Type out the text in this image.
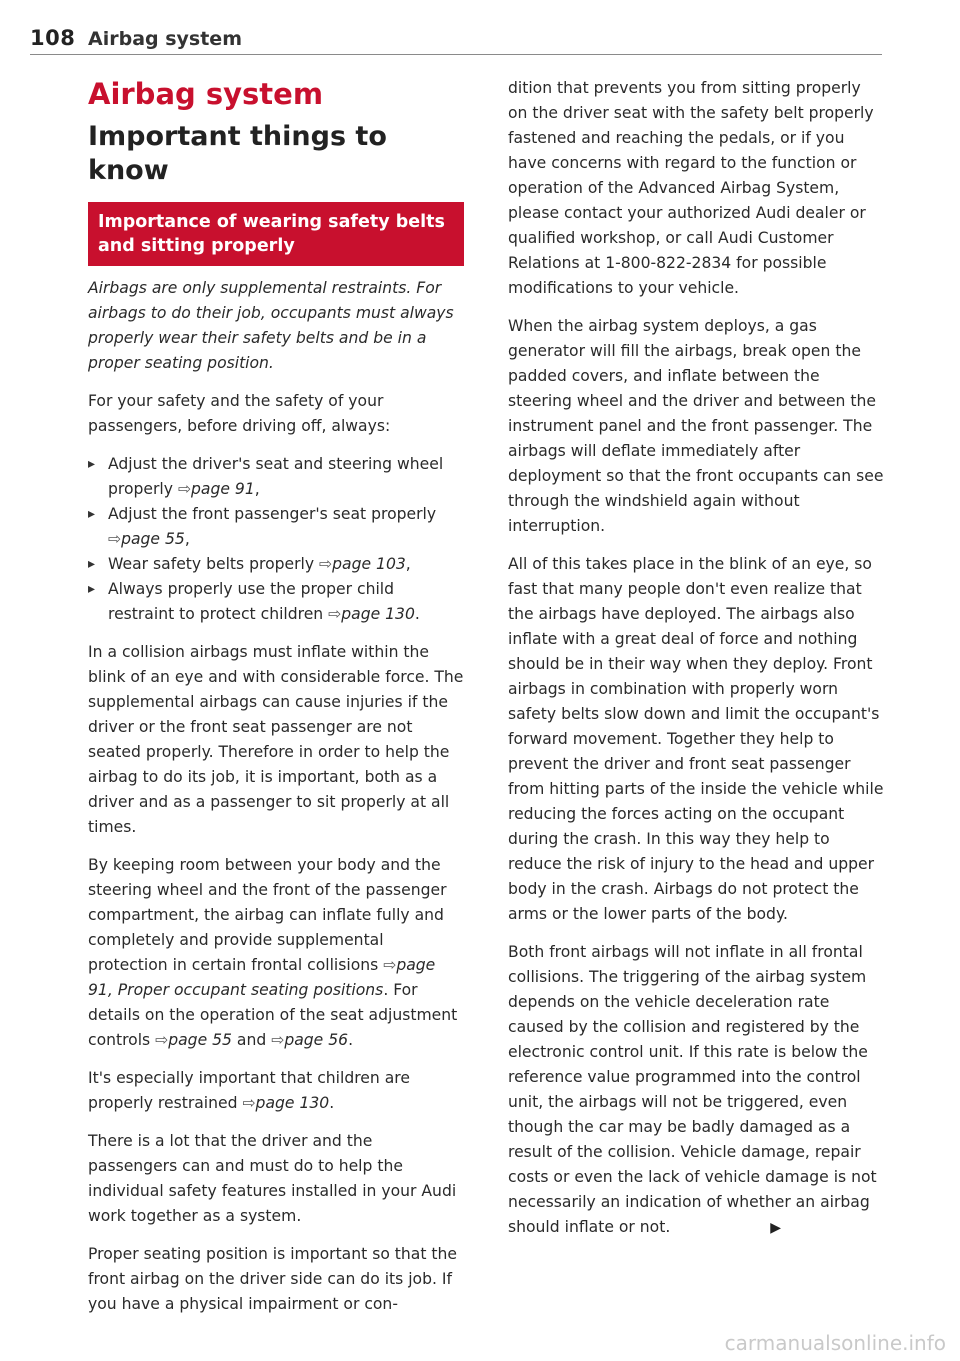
108 Airbag system
Airbag system
Important things to know
Importance of wearing safety belts and sitting properly

Airbags are only supplemental restraints. For airbags to do their job, occupants must always properly wear their safety belts and be in a proper seating position.

For your safety and the safety of your passengers, before driving off, always:

▸ Adjust the driver's seat and steering wheel properly ⇨page 91,
▸ Adjust the front passenger's seat properly ⇨page 55,
▸ Wear safety belts properly ⇨page 103,
▸ Always properly use the proper child restraint to protect children ⇨page 130.

In a collision airbags must inflate within the blink of an eye and with considerable force. The supplemental airbags can cause injuries if the driver or the front seat passenger are not seated properly. Therefore in order to help the airbag to do its job, it is important, both as a driver and as a passenger to sit properly at all times.

By keeping room between your body and the steering wheel and the front of the passenger compartment, the airbag can inflate fully and completely and provide supplemental protection in certain frontal collisions ⇨page 91, Proper occupant seating positions. For details on the operation of the seat adjustment controls ⇨page 55 and ⇨page 56.

It's especially important that children are properly restrained ⇨page 130.

There is a lot that the driver and the passengers can and must do to help the individual safety features installed in your Audi work together as a system.

Proper seating position is important so that the front airbag on the driver side can do its job. If you have a physical impairment or con-

dition that prevents you from sitting properly on the driver seat with the safety belt properly fastened and reaching the pedals, or if you have concerns with regard to the function or operation of the Advanced Airbag System, please contact your authorized Audi dealer or qualified workshop, or call Audi Customer Relations at 1-800-822-2834 for possible modifications to your vehicle.

When the airbag system deploys, a gas generator will fill the airbags, break open the padded covers, and inflate between the steering wheel and the driver and between the instrument panel and the front passenger. The airbags will deflate immediately after deployment so that the front occupants can see through the windshield again without interruption.

All of this takes place in the blink of an eye, so fast that many people don't even realize that the airbags have deployed. The airbags also inflate with a great deal of force and nothing should be in their way when they deploy. Front airbags in combination with properly worn safety belts slow down and limit the occupant's forward movement. Together they help to prevent the driver and front seat passenger from hitting parts of the inside the vehicle while reducing the forces acting on the occupant during the crash. In this way they help to reduce the risk of injury to the head and upper body in the crash. Airbags do not protect the arms or the lower parts of the body.

Both front airbags will not inflate in all frontal collisions. The triggering of the airbag system depends on the vehicle deceleration rate caused by the collision and registered by the electronic control unit. If this rate is below the reference value programmed into the control unit, the airbags will not be triggered, even though the car may be badly damaged as a result of the collision. Vehicle damage, repair costs or even the lack of vehicle damage is not necessarily an indication of whether an airbag should inflate or not.	▶

carmanualsonline.info
